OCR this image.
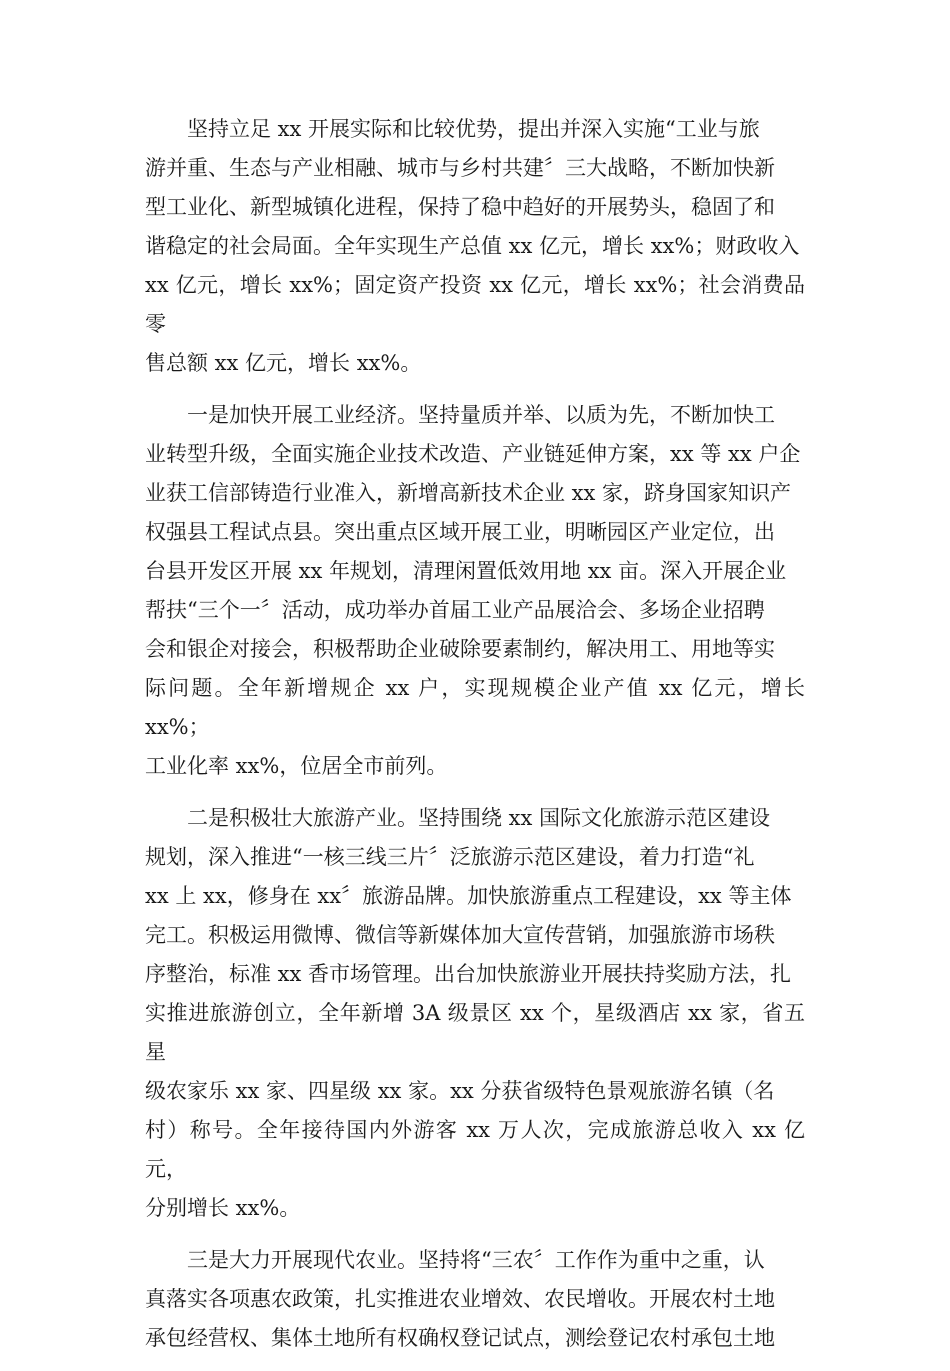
坚持立足 xx 开展实际和比较优势，提出并深入实施“工业与旅
游并重、生态与产业相融、城市与乡村共建〞三大战略，不断加快新
型工业化、新型城镇化进程，保持了稳中趋好的开展势头，稳固了和
谐稳定的社会局面。全年实现生产总值 xx 亿元，增长 xx%；财政收入
xx 亿元，增长 xx%；固定资产投资 xx 亿元，增长 xx%；社会消费品零
售总额 xx 亿元，增长 xx%。

一是加快开展工业经济。坚持量质并举、以质为先，不断加快工
业转型升级，全面实施企业技术改造、产业链延伸方案，xx 等 xx 户企
业获工信部铸造行业准入，新增高新技术企业 xx 家，跻身国家知识产
权强县工程试点县。突出重点区域开展工业，明晰园区产业定位，出
台县开发区开展 xx 年规划，清理闲置低效用地 xx 亩。深入开展企业
帮扶“三个一〞活动，成功举办首届工业产品展洽会、多场企业招聘
会和银企对接会，积极帮助企业破除要素制约，解决用工、用地等实
际问题。全年新增规企 xx 户，实现规模企业产值 xx 亿元，增长 xx%；
工业化率 xx%，位居全市前列。

二是积极壮大旅游产业。坚持围绕 xx 国际文化旅游示范区建设
规划，深入推进“一核三线三片〞泛旅游示范区建设，着力打造“礼
xx 上 xx，修身在 xx〞旅游品牌。加快旅游重点工程建设，xx 等主体
完工。积极运用微博、微信等新媒体加大宣传营销，加强旅游市场秩
序整治，标准 xx 香市场管理。出台加快旅游业开展扶持奖励方法，扎
实推进旅游创立，全年新增 3A 级景区 xx 个，星级酒店 xx 家，省五星
级农家乐 xx 家、四星级 xx 家。xx 分获省级特色景观旅游名镇（名
村）称号。全年接待国内外游客 xx 万人次，完成旅游总收入 xx 亿元，
分别增长 xx%。

三是大力开展现代农业。坚持将“三农〞工作作为重中之重，认
真落实各项惠农政策，扎实推进农业增效、农民增收。开展农村土地
承包经营权、集体土地所有权确权登记试点，测绘登记农村承包土地
